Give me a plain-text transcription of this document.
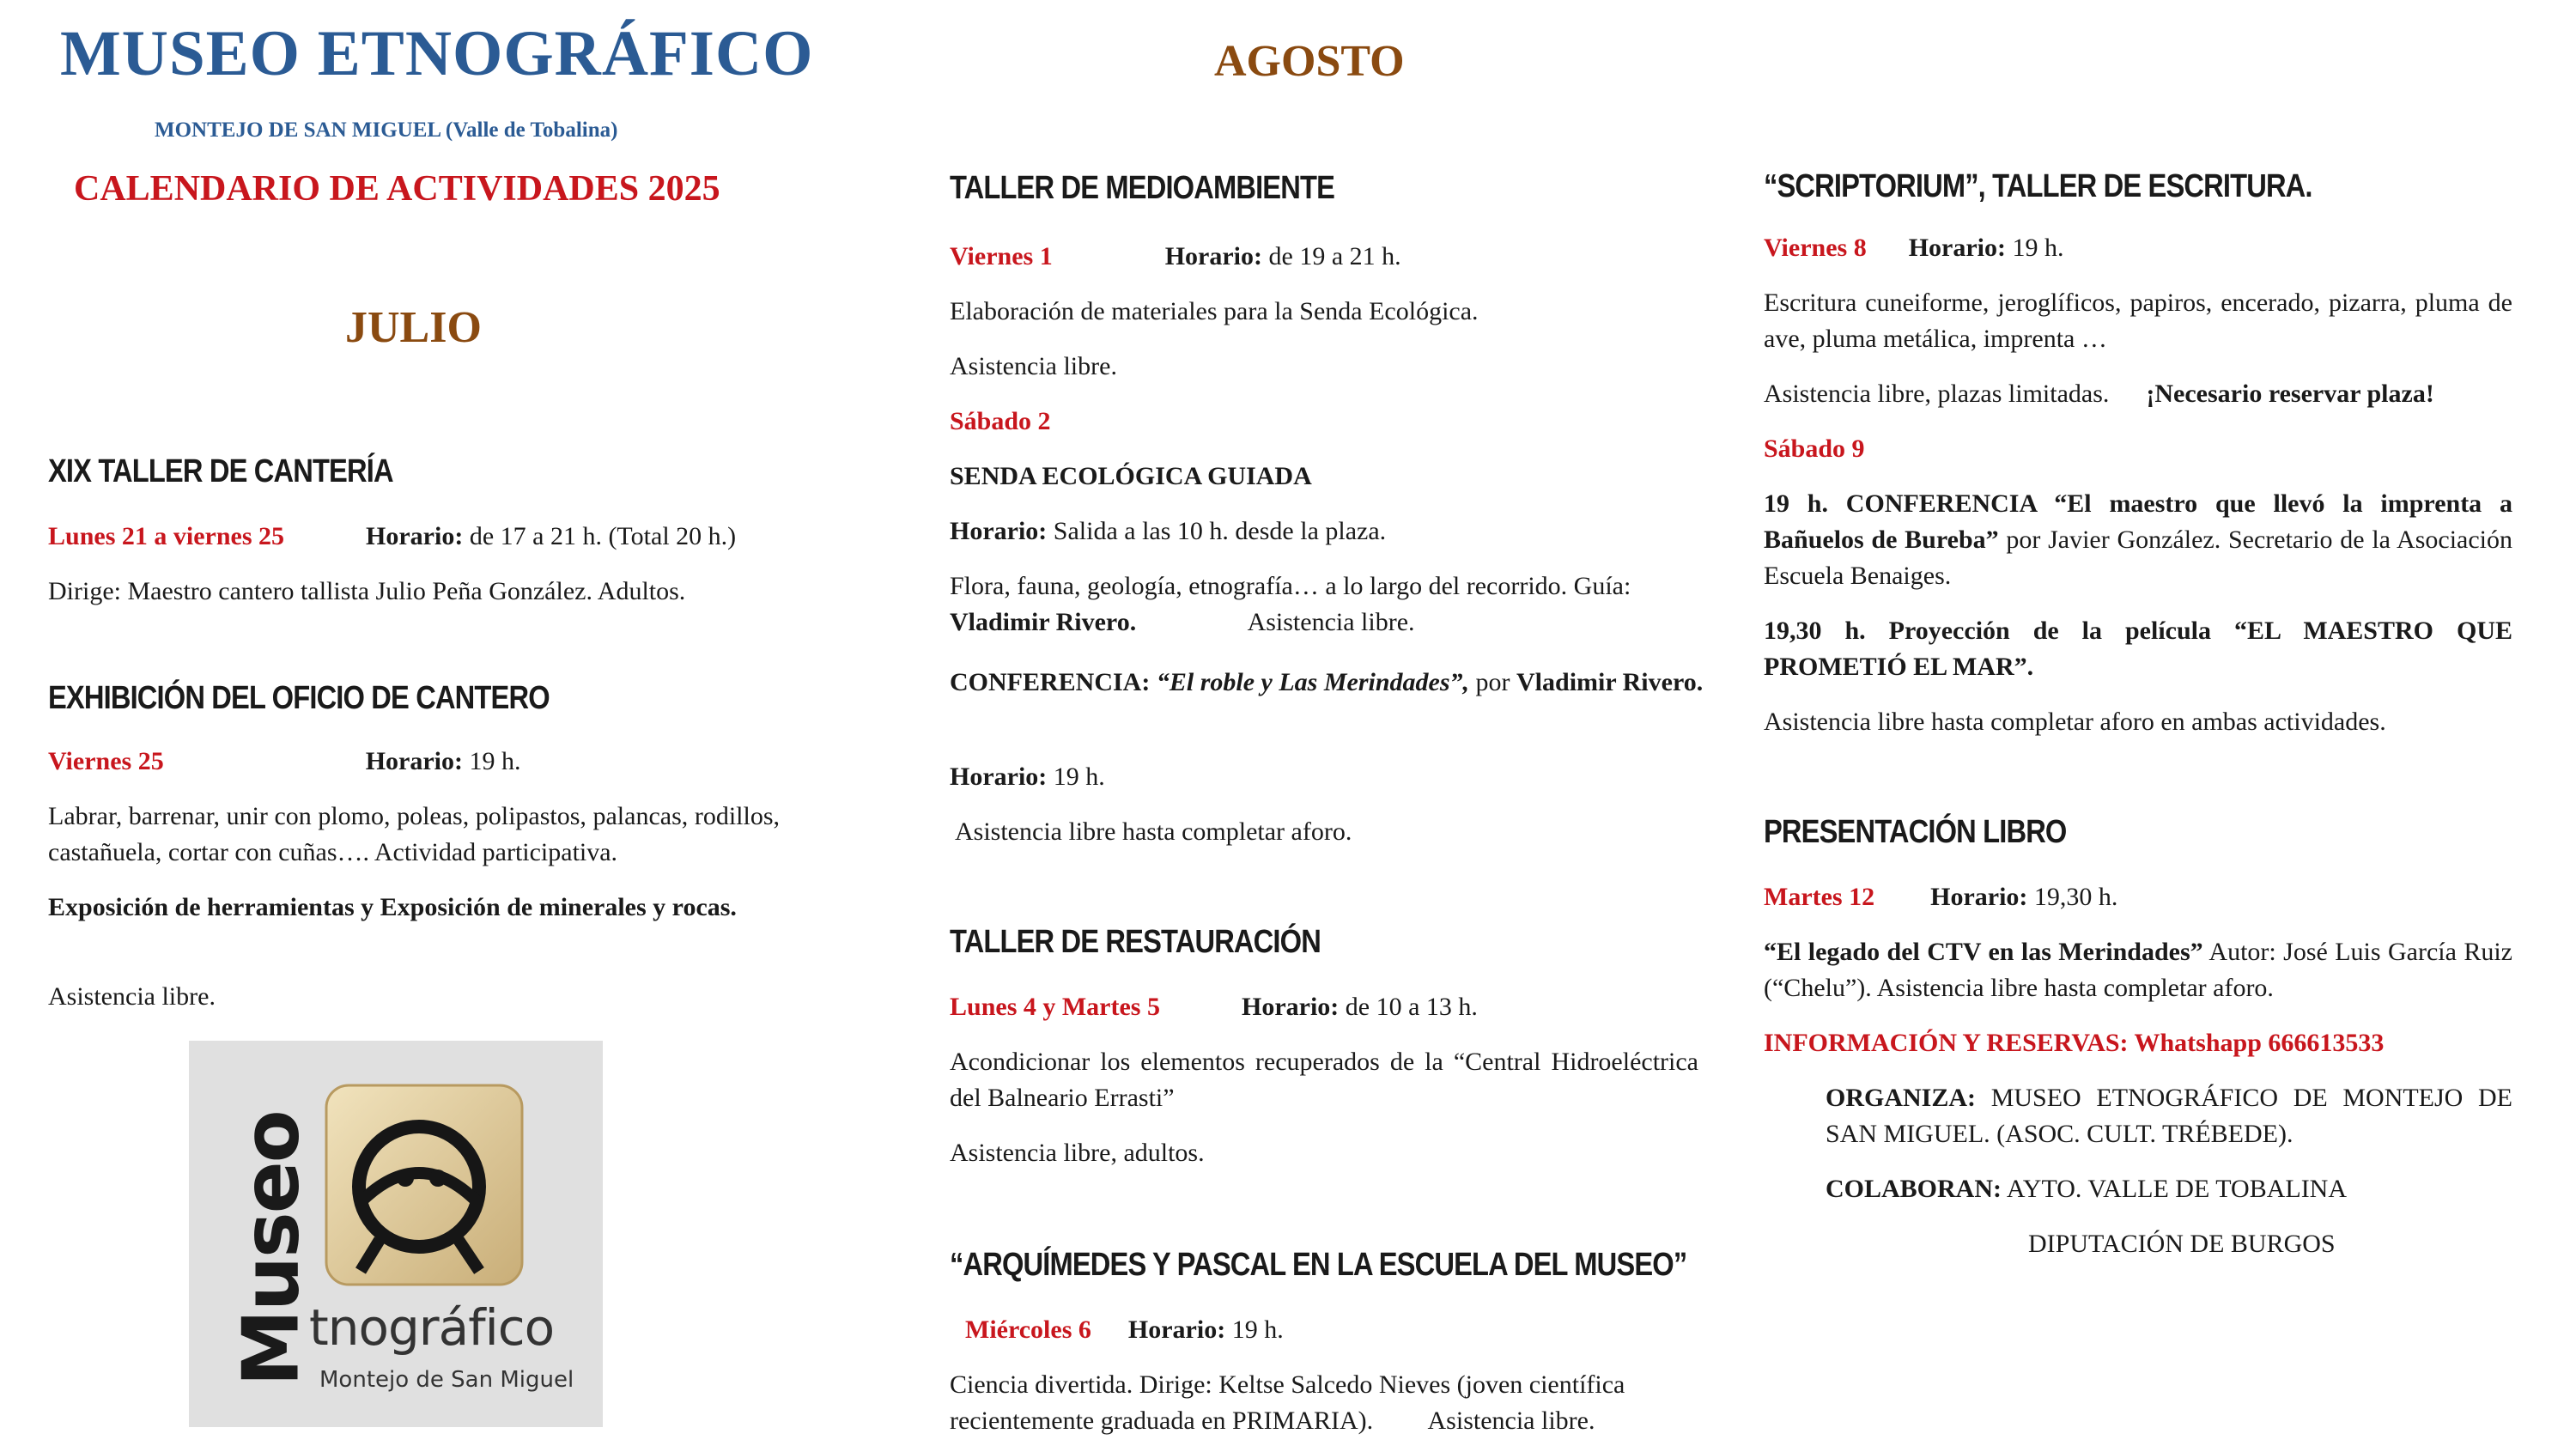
MUSEO ETNOGRÁFICO
MONTEJO DE SAN MIGUEL (Valle de Tobalina)
CALENDARIO DE ACTIVIDADES 2025
JULIO
XIX TALLER DE CANTERÍA
Lunes 21 a viernes 25	Horario: de 17 a 21 h. (Total 20 h.)
Dirige: Maestro cantero tallista Julio Peña González. Adultos.
EXHIBICIÓN DEL OFICIO DE CANTERO
Viernes 25	Horario: 19 h.
Labrar, barrenar, unir con plomo, poleas, polipastos, palancas, rodillos, castañuela, cortar con cuñas…. Actividad participativa.
Exposición de herramientas y Exposición de minerales y rocas.
Asistencia libre.
Museo
tnográfico
Montejo de San Miguel
AGOSTO
TALLER DE MEDIOAMBIENTE
Viernes 1	Horario: de 19 a 21 h.
Elaboración de materiales para la Senda Ecológica.
Asistencia libre.
Sábado 2
SENDA ECOLÓGICA GUIADA
Horario: Salida a las 10 h. desde la plaza.
Flora, fauna, geología, etnografía… a lo largo del recorrido. Guía:
Vladimir Rivero.	Asistencia libre.
CONFERENCIA: “El roble y Las Merindades”, por Vladimir Rivero.
Horario: 19 h.
Asistencia libre hasta completar aforo.
TALLER DE RESTAURACIÓN
Lunes 4 y Martes 5	Horario: de 10 a 13 h.
Acondicionar los elementos recuperados de la “Central Hidroeléctrica del Balneario Errasti”
Asistencia libre, adultos.
“ARQUÍMEDES Y PASCAL EN LA ESCUELA DEL MUSEO”
Miércoles 6 Horario: 19 h.
Ciencia divertida. Dirige: Keltse Salcedo Nieves (joven científica
recientemente graduada en PRIMARIA). Asistencia libre.
“SCRIPTORIUM”, TALLER DE ESCRITURA.
Viernes 8 Horario: 19 h.
Escritura cuneiforme, jeroglíficos, papiros, encerado, pizarra, pluma de ave, pluma metálica, imprenta …
Asistencia libre, plazas limitadas. ¡Necesario reservar plaza!
Sábado 9
19 h. CONFERENCIA “El maestro que llevó la imprenta a Bañuelos de Bureba” por Javier González. Secretario de la Asociación Escuela Benaiges.
19,30 h. Proyección de la película “EL MAESTRO QUE PROMETIÓ EL MAR”.
Asistencia libre hasta completar aforo en ambas actividades.
PRESENTACIÓN LIBRO
Martes 12 Horario: 19,30 h.
“El legado del CTV en las Merindades” Autor: José Luis García Ruiz (“Chelu”). Asistencia libre hasta completar aforo.
INFORMACIÓN Y RESERVAS: Whatshapp 666613533
ORGANIZA: MUSEO ETNOGRÁFICO DE MONTEJO DE SAN MIGUEL. (ASOC. CULT. TRÉBEDE).
COLABORAN: AYTO. VALLE DE TOBALINA
DIPUTACIÓN DE BURGOS
